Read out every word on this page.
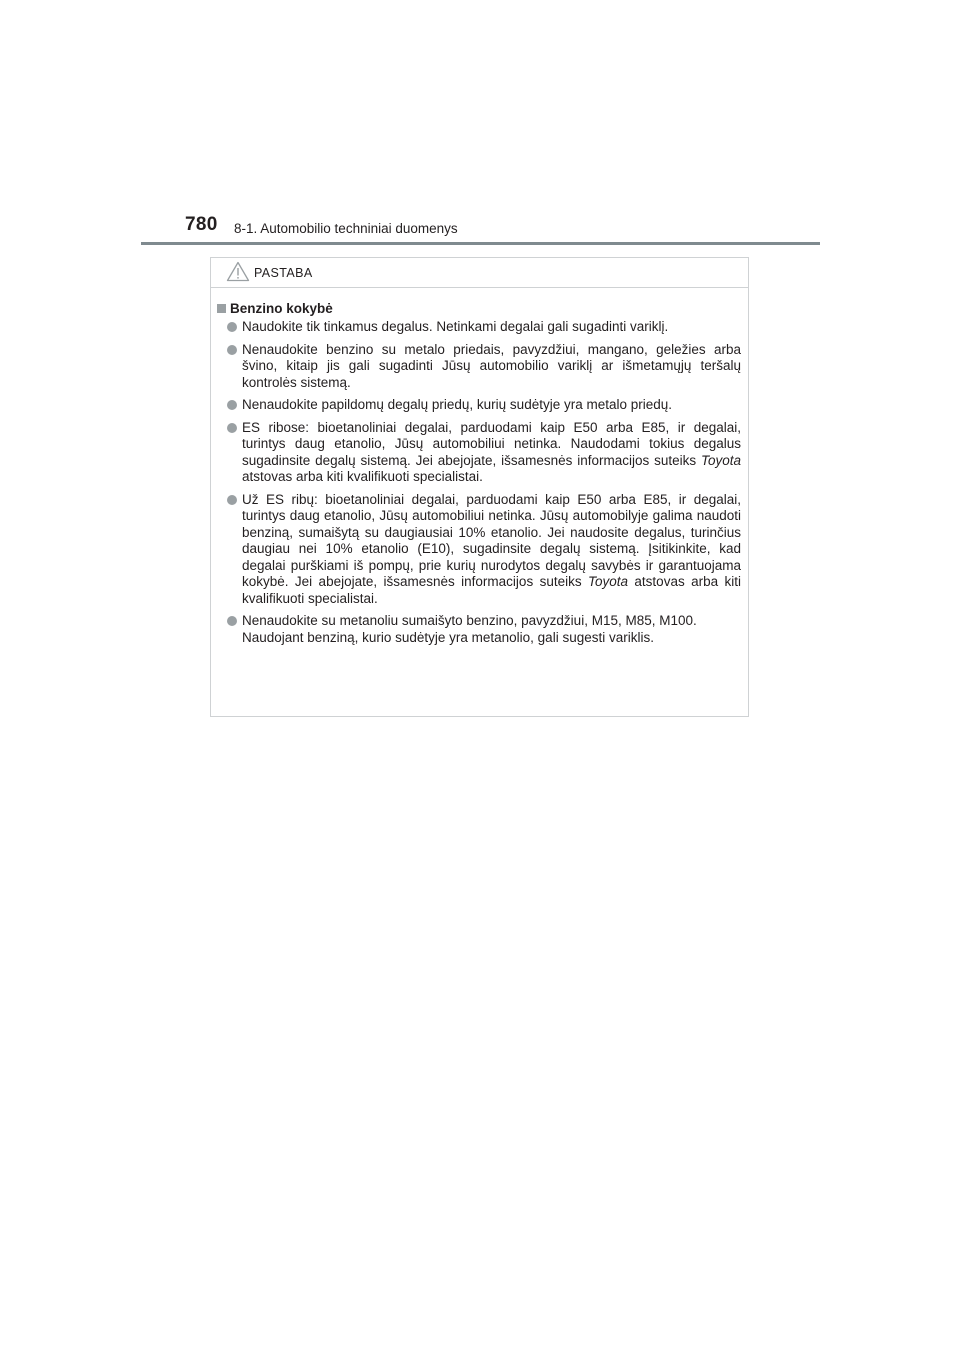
780 8-1. Automobilio techniniai duomenys
PASTABA
Benzino kokybė
Naudokite tik tinkamus degalus. Netinkami degalai gali sugadinti variklį.
Nenaudokite benzino su metalo priedais, pavyzdžiui, mangano, geležies arba švino, kitaip jis gali sugadinti Jūsų automobilio variklį ar išmetamųjų teršalų kontrolės sistemą.
Nenaudokite papildomų degalų priedų, kurių sudėtyje yra metalo priedų.
ES ribose: bioetanoliniai degalai, parduodami kaip E50 arba E85, ir degalai, turintys daug etanolio, Jūsų automobiliui netinka. Naudodami tokius degalus sugadinsite degalų sistemą. Jei abejojate, išsamesnės informacijos suteiks Toyota atstovas arba kiti kvalifikuoti specialistai.
Už ES ribų: bioetanoliniai degalai, parduodami kaip E50 arba E85, ir degalai, turintys daug etanolio, Jūsų automobiliui netinka. Jūsų automobilyje galima naudoti benziną, sumaišytą su daugiausiai 10% etanolio. Jei naudosite degalus, turinčius daugiau nei 10% etanolio (E10), sugadinsite degalų sistemą. Įsitikinkite, kad degalai purškiami iš pompų, prie kurių nurodytos degalų savybės ir garantuojama kokybė. Jei abejojate, išsamesnės informacijos suteiks Toyota atstovas arba kiti kvalifikuoti specialistai.
Nenaudokite su metanoliu sumaišyto benzino, pavyzdžiui, M15, M85, M100.
Naudojant benziną, kurio sudėtyje yra metanolio, gali sugesti variklis.
